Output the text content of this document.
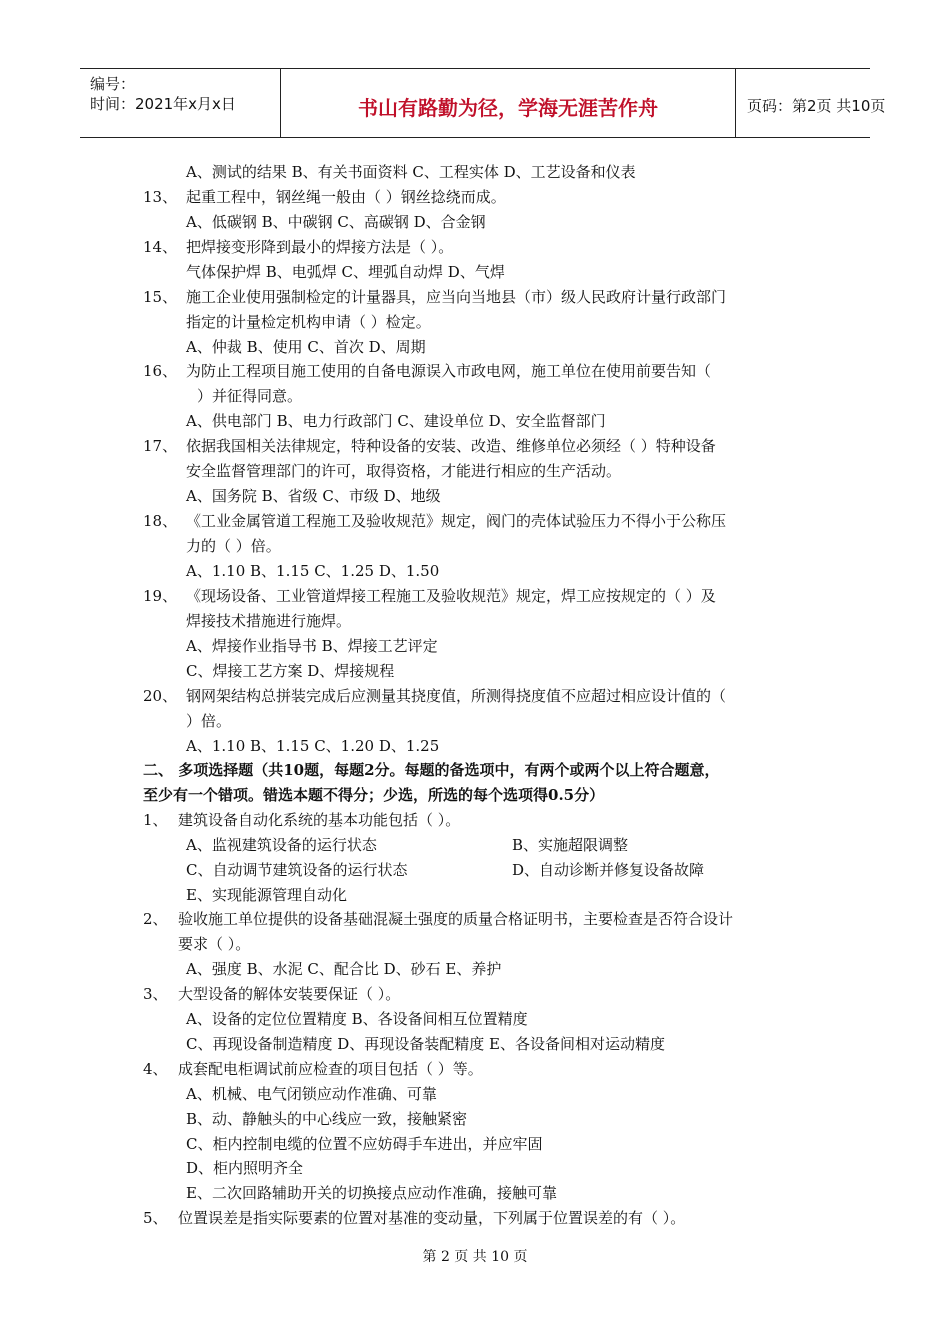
编号：
时间：2021年x月x日	书山有路勤为径，学海无涯苦作舟	页码：第2页 共10页
A、测试的结果 B、有关书面资料 C、工程实体 D、工艺设备和仪表
13、 起重工程中，钢丝绳一般由（ ）钢丝捻绕而成。
A、低碳钢 B、中碳钢 C、高碳钢 D、合金钢
14、 把焊接变形降到最小的焊接方法是（ ）。
气体保护焊 B、电弧焊 C、埋弧自动焊 D、气焊
15、 施工企业使用强制检定的计量器具，应当向当地县（市）级人民政府计量行政部门
指定的计量检定机构申请（ ）检定。
A、仲裁 B、使用 C、首次 D、周期
16、 为防止工程项目施工使用的自备电源误入市政电网，施工单位在使用前要告知（
）并征得同意。
A、供电部门 B、电力行政部门 C、建设单位 D、安全监督部门
17、 依据我国相关法律规定，特种设备的安装、改造、维修单位必须经（ ）特种设备
安全监督管理部门的许可，取得资格，才能进行相应的生产活动。
A、国务院 B、省级 C、市级 D、地级
18、 《工业金属管道工程施工及验收规范》规定，阀门的壳体试验压力不得小于公称压
力的（ ）倍。
A、1.10 B、1.15 C、1.25 D、1.50
19、 《现场设备、工业管道焊接工程施工及验收规范》规定，焊工应按规定的（ ）及
焊接技术措施进行施焊。
A、焊接作业指导书 B、焊接工艺评定
C、焊接工艺方案 D、焊接规程
20、 钢网架结构总拼装完成后应测量其挠度值，所测得挠度值不应超过相应设计值的（
）倍。
A、1.10 B、1.15 C、1.20 D、1.25
二、 多项选择题（共10题，每题2分。每题的备选项中，有两个或两个以上符合题意，
至少有一个错项。错选本题不得分；少选，所选的每个选项得0.5分）
1、 建筑设备自动化系统的基本功能包括（ ）。
A、监视建筑设备的运行状态	B、实施超限调整
C、自动调节建筑设备的运行状态	D、自动诊断并修复设备故障
E、实现能源管理自动化
2、 验收施工单位提供的设备基础混凝土强度的质量合格证明书，主要检查是否符合设计
要求（ ）。
A、强度 B、水泥 C、配合比 D、砂石 E、养护
3、 大型设备的解体安装要保证（ ）。
A、设备的定位位置精度 B、各设备间相互位置精度
C、再现设备制造精度 D、再现设备装配精度 E、各设备间相对运动精度
4、 成套配电柜调试前应检查的项目包括（ ）等。
A、机械、电气闭锁应动作准确、可靠
B、动、静触头的中心线应一致，接触紧密
C、柜内控制电缆的位置不应妨碍手车进出，并应牢固
D、柜内照明齐全
E、二次回路辅助开关的切换接点应动作准确，接触可靠
5、 位置误差是指实际要素的位置对基准的变动量，下列属于位置误差的有（ ）。
第 2 页 共 10 页
